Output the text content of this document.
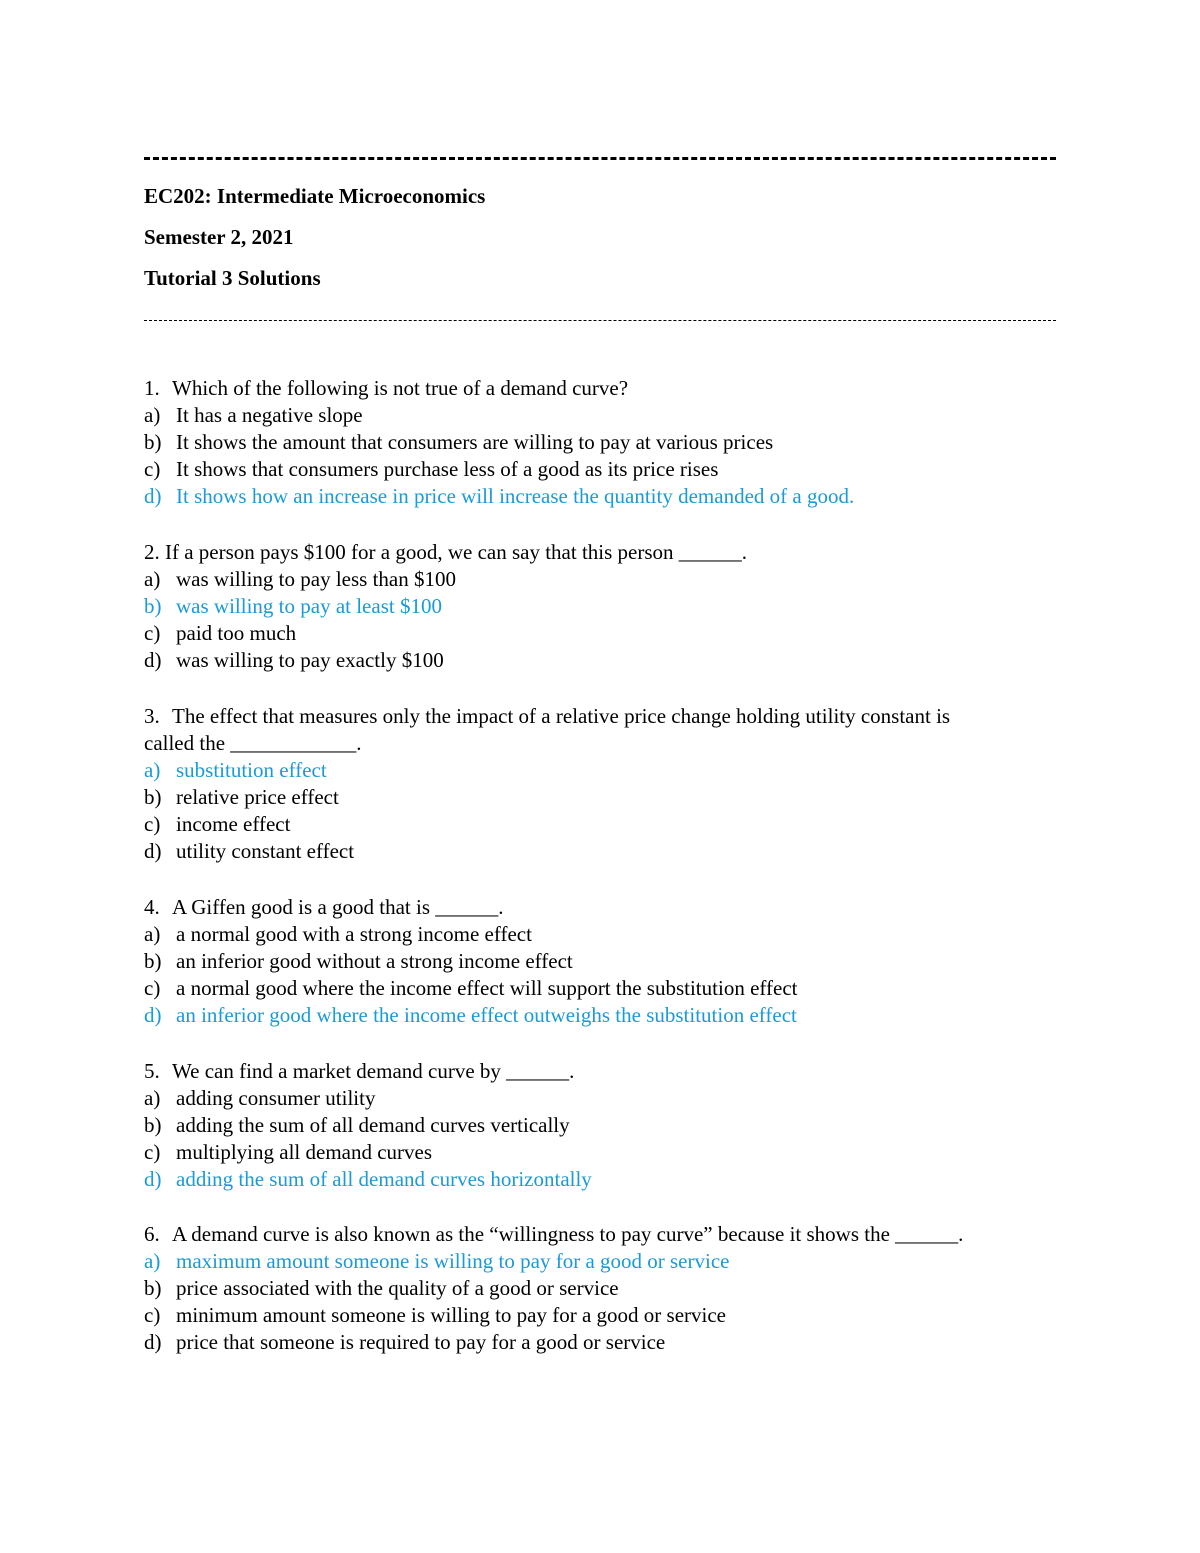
EC202: Intermediate Microeconomics
Semester 2, 2021
Tutorial 3 Solutions
1. Which of the following is not true of a demand curve?
a) It has a negative slope
b) It shows the amount that consumers are willing to pay at various prices
c) It shows that consumers purchase less of a good as its price rises
d) It shows how an increase in price will increase the quantity demanded of a good.
2. If a person pays $100 for a good, we can say that this person ______.
a) was willing to pay less than $100
b) was willing to pay at least $100
c) paid too much
d) was willing to pay exactly $100
3. The effect that measures only the impact of a relative price change holding utility constant is
called the ____________.
a) substitution effect
b) relative price effect
c) income effect
d) utility constant effect
4. A Giffen good is a good that is ______.
a) a normal good with a strong income effect
b) an inferior good without a strong income effect
c) a normal good where the income effect will support the substitution effect
d) an inferior good where the income effect outweighs the substitution effect
5. We can find a market demand curve by ______.
a) adding consumer utility
b) adding the sum of all demand curves vertically
c) multiplying all demand curves
d) adding the sum of all demand curves horizontally
6. A demand curve is also known as the “willingness to pay curve” because it shows the ______.
a) maximum amount someone is willing to pay for a good or service
b) price associated with the quality of a good or service
c) minimum amount someone is willing to pay for a good or service
d) price that someone is required to pay for a good or service
